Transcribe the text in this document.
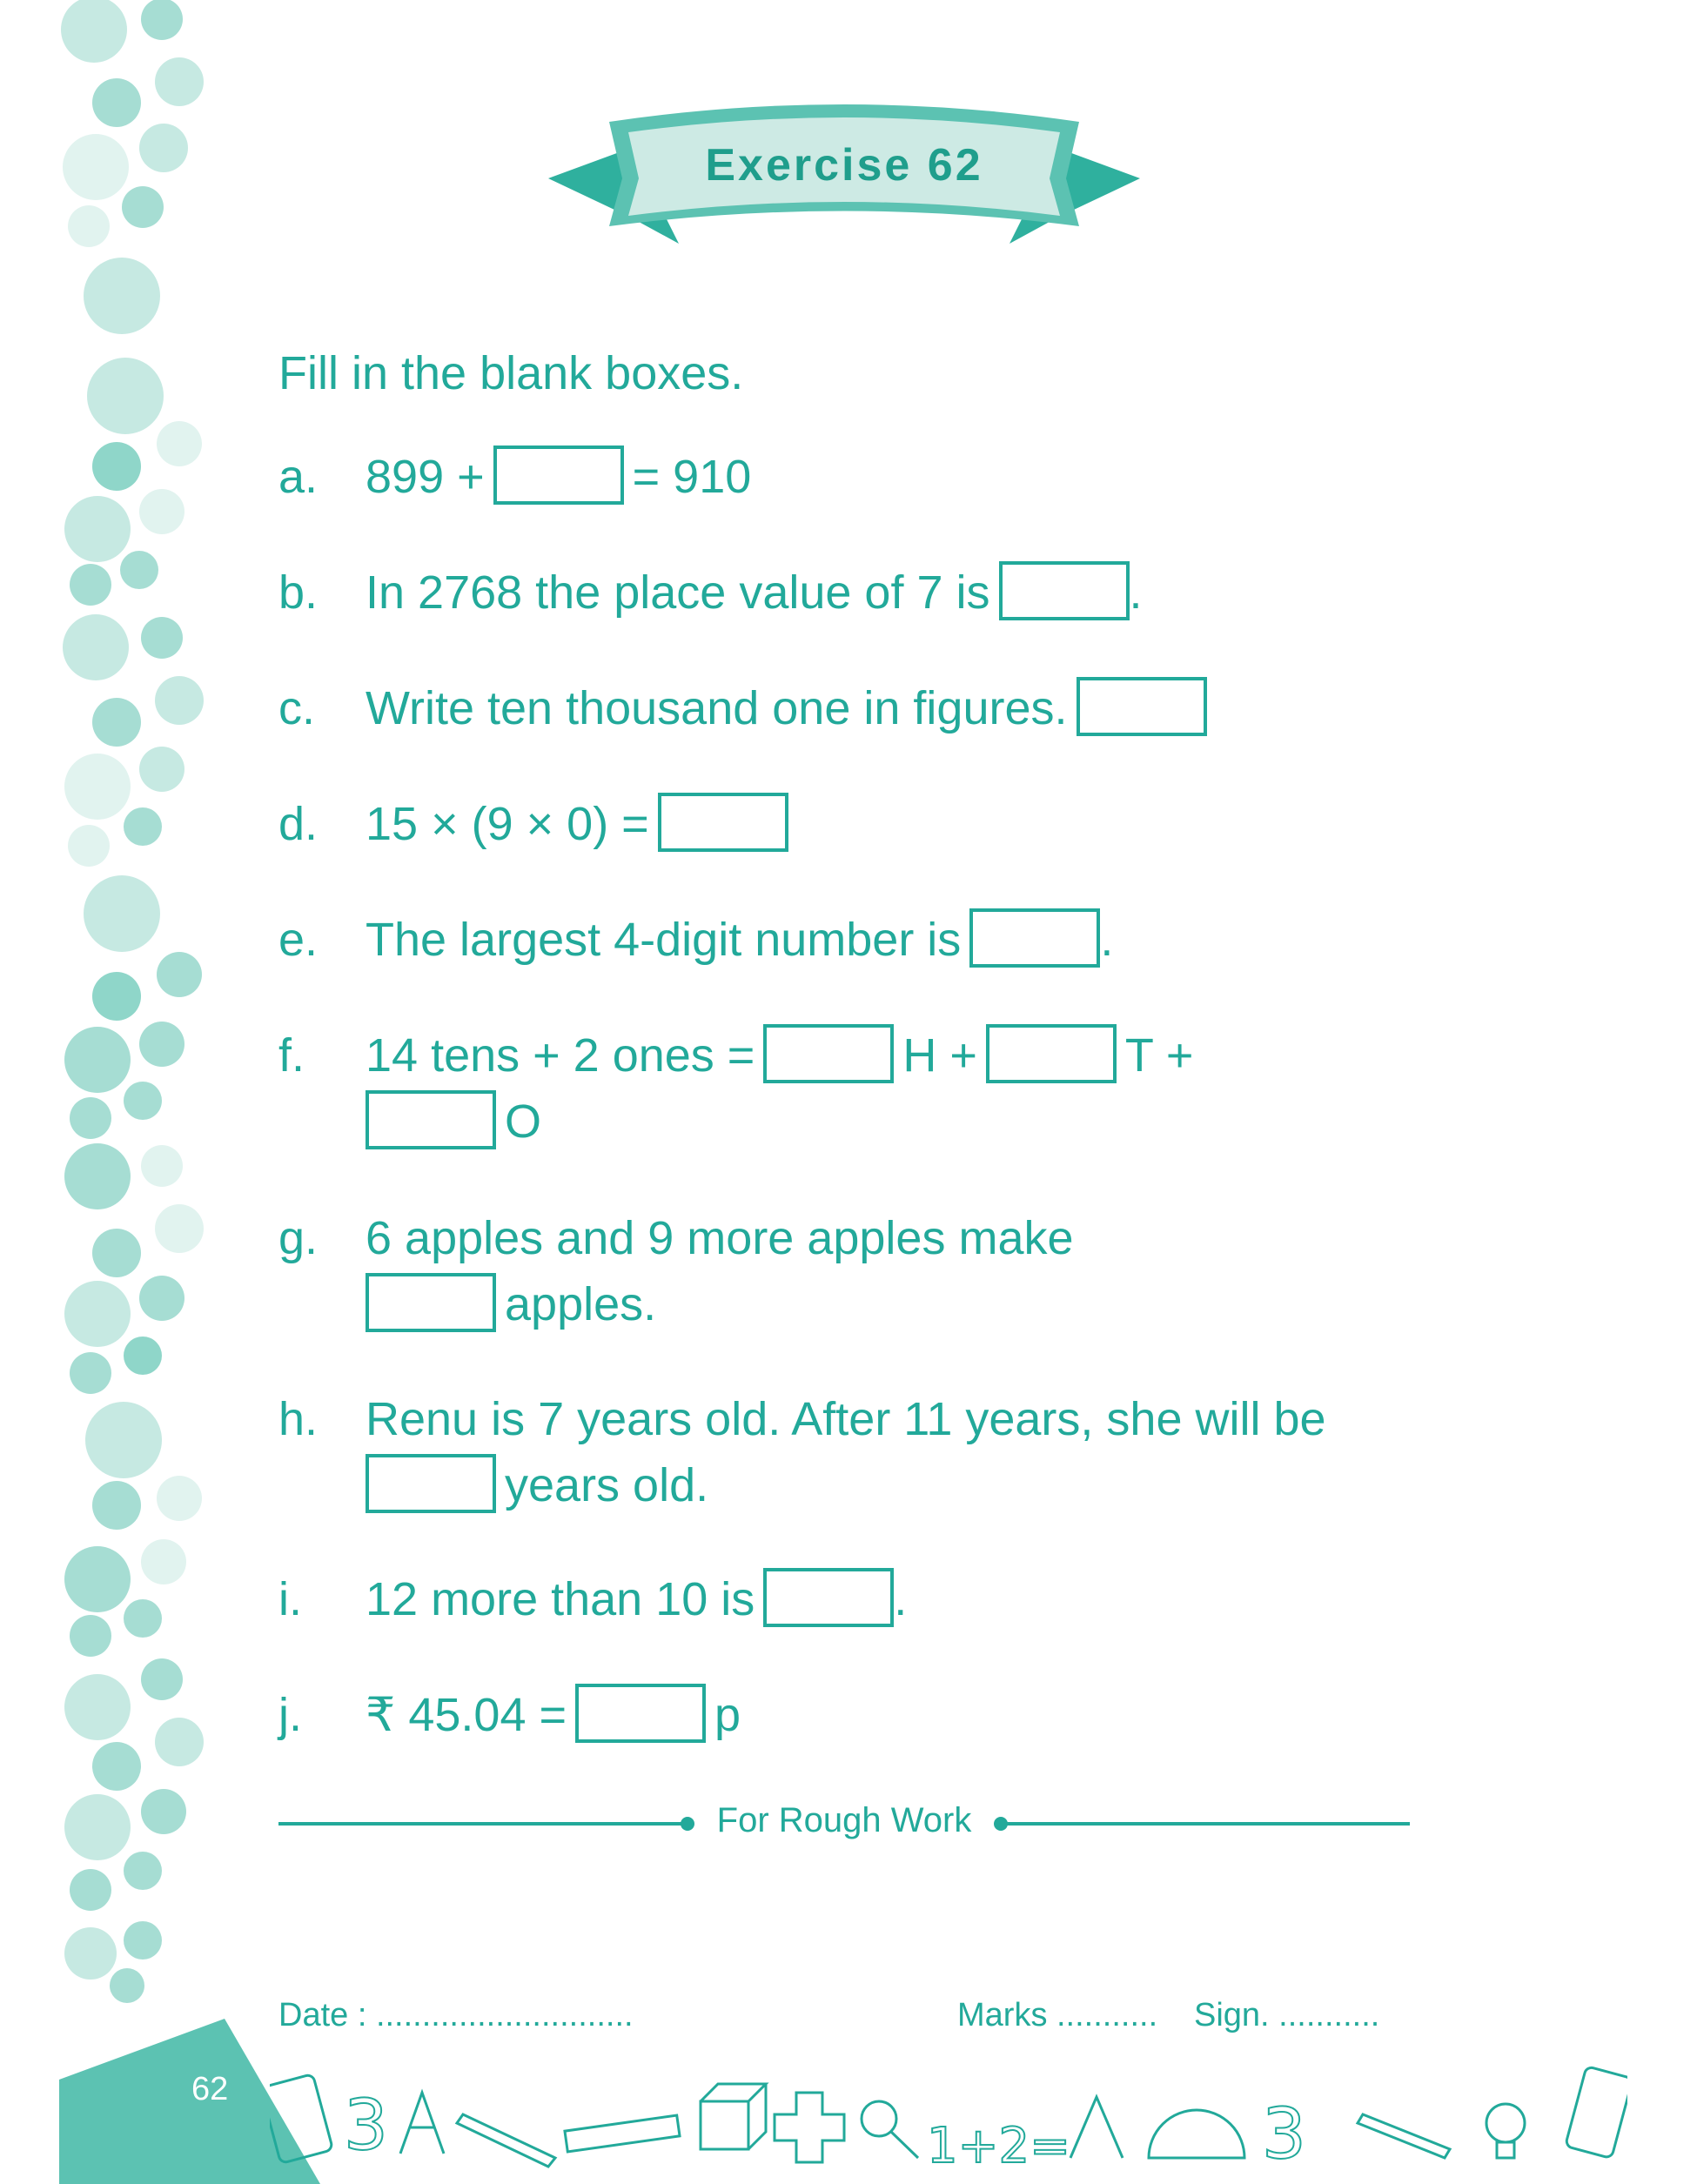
Exercise 62
Fill in the blank boxes.
a.	899 +	= 910
b.	In 2768 the place value of 7 is	.
c.	Write ten thousand one in figures.
d.	15 × (9 × 0) =
e.	The largest 4-digit number is	.
f.	14 tens + 2 ones =	H +	T +
O
g.	6 apples and 9 more apples make
apples.
h.	Renu is 7 years old. After 11 years, she will be
years old.
i.	12 more than 10 is	.
j.	₹ 45.04 =	p
For Rough Work
Date : ............................	Marks ........... Sign. ...........
62 3	1+2=	3
